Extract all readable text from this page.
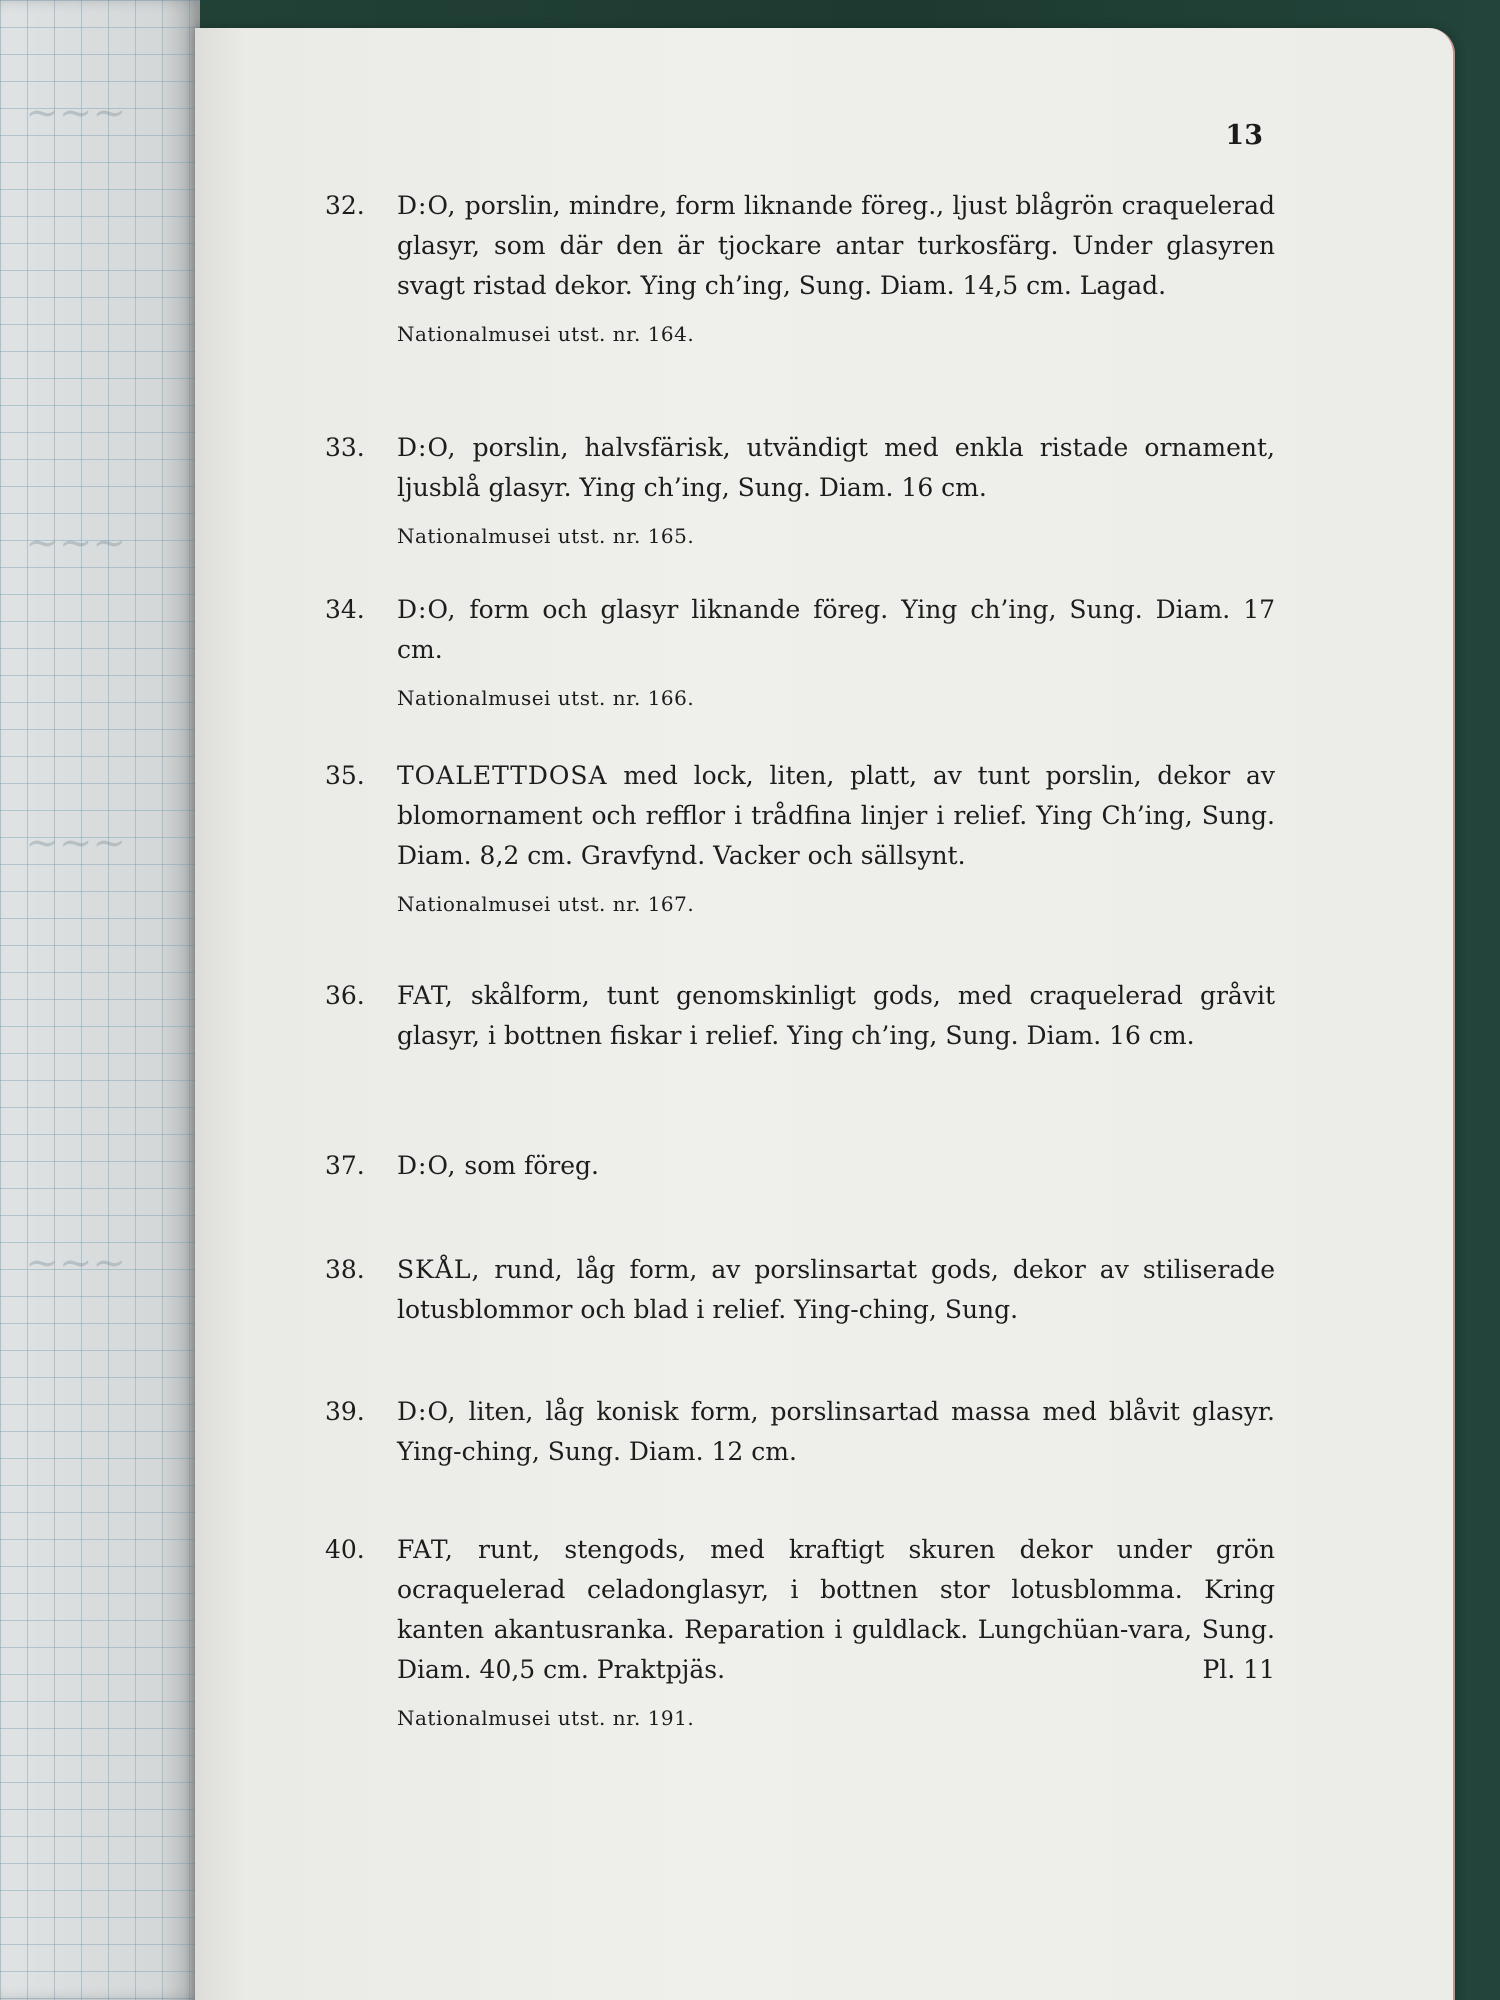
~~~
~~~
~~~
~~~
13
32. D:O, porslin, mindre, form liknande föreg., ljust blågrön craquelerad glasyr, som där den är tjockare antar turkosfärg. Under glasyren svagt ristad dekor. Ying ch’ing, Sung. Diam. 14,5 cm. Lagad.
Nationalmusei utst. nr. 164.
33. D:O, porslin, halvsfärisk, utvändigt med enkla ristade ornament, ljusblå glasyr. Ying ch’ing, Sung. Diam. 16 cm.
Nationalmusei utst. nr. 165.
34. D:O, form och glasyr liknande föreg. Ying ch’ing, Sung. Diam. 17 cm.
Nationalmusei utst. nr. 166.
35. TOALETTDOSA med lock, liten, platt, av tunt porslin, dekor av blomornament och refflor i trådfina linjer i relief. Ying Ch’ing, Sung. Diam. 8,2 cm. Gravfynd. Vacker och sällsynt.
Nationalmusei utst. nr. 167.
36. FAT, skålform, tunt genomskinligt gods, med craquelerad gråvit glasyr, i bottnen fiskar i relief. Ying ch’ing, Sung. Diam. 16 cm.
37. D:O, som föreg.
38. SKÅL, rund, låg form, av porslinsartat gods, dekor av stiliserade lotusblommor och blad i relief. Ying-ching, Sung.
39. D:O, liten, låg konisk form, porslinsartad massa med blåvit glasyr. Ying-ching, Sung. Diam. 12 cm.
40. FAT, runt, stengods, med kraftigt skuren dekor under grön ocraquelerad celadonglasyr, i bottnen stor lotusblomma. Kring kanten akantusranka. Reparation i guldlack. Lungchüan-vara, Sung. Diam. 40,5 cm. Praktpjäs.	Pl. 11
Nationalmusei utst. nr. 191.
